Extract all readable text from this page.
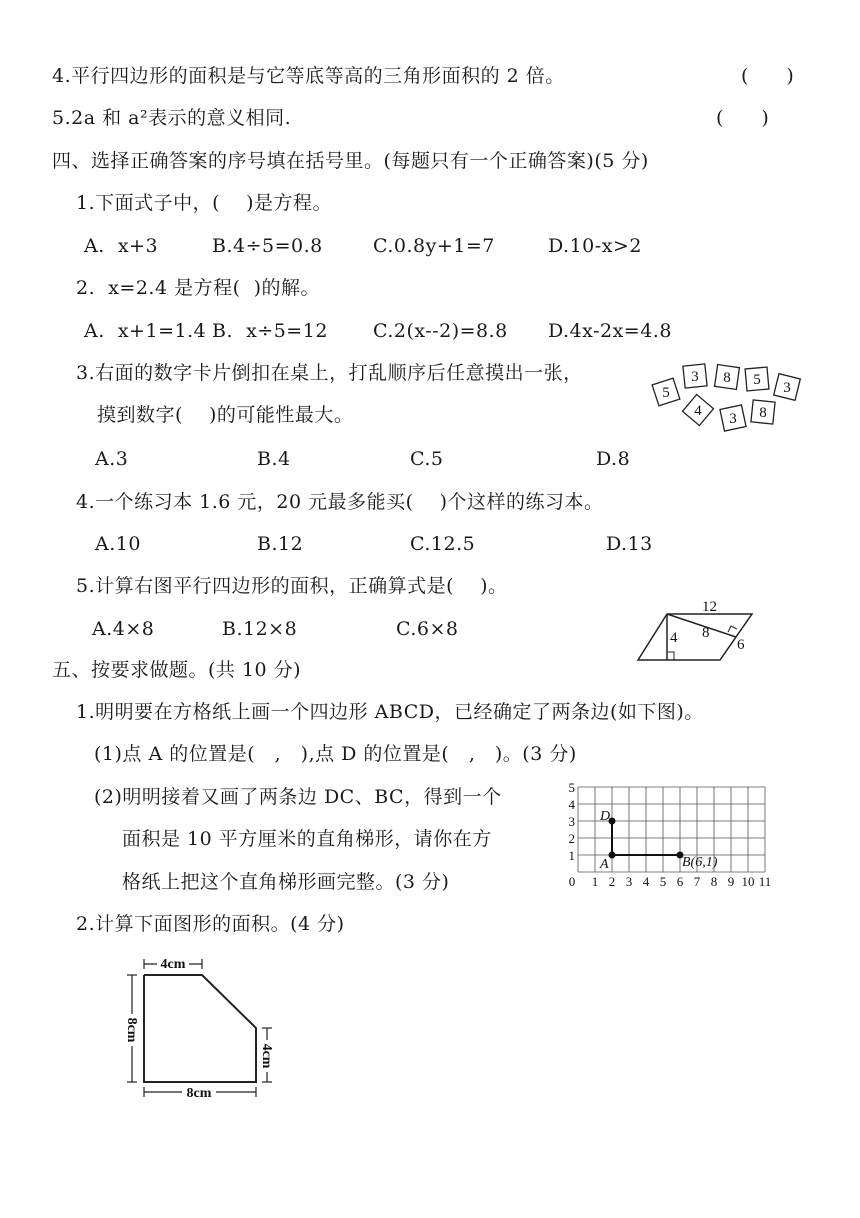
4.平行四边形的面积是与它等底等高的三角形面积的 2 倍。	(　　)
5.2a 和 a²表示的意义相同.	(　　)
四、选择正确答案的序号填在括号里。(每题只有一个正确答案)(5 分)
1.下面式子中，(　 )是方程。
A.  x+3	B.4÷5=0.8	C.0.8y+1=7	D.10-x>2
2.  x=2.4 是方程(  )的解。
A.  x+1=1.4 B.  x÷5=12 C.2(x--2)=8.8 D.4x-2x=4.8
3.右面的数字卡片倒扣在桌上，打乱顺序后任意摸出一张，
摸到数字(　 )的可能性最大。
A.3	B.4	C.5	D.8
3 8 5 3
5
4 3 8
4.一个练习本 1.6 元，20 元最多能买(　 )个这样的练习本。
A.10	B.12	C.12.5	D.13
5.计算右图平行四边形的面积，正确算式是(　 )。
A.4×8	B.12×8	C.6×8
12
4 8
6
五、按要求做题。(共 10 分)
1.明明要在方格纸上画一个四边形 ABCD，已经确定了两条边(如下图)。
(1)点 A 的位置是(　,　),点 D 的位置是(　,　)。(3 分)
(2)明明接着又画了两条边 DC、BC，得到一个
面积是 10 平方厘米的直角梯形，请你在方
格纸上把这个直角梯形画完整。(3 分)
A
D
B(6,1)
0 1 2 3 4 5 6 7 8 9 10 11
1
2
3
4
5
2.计算下面图形的面积。(4 分)
4cm
8cm
4cm
8cm
